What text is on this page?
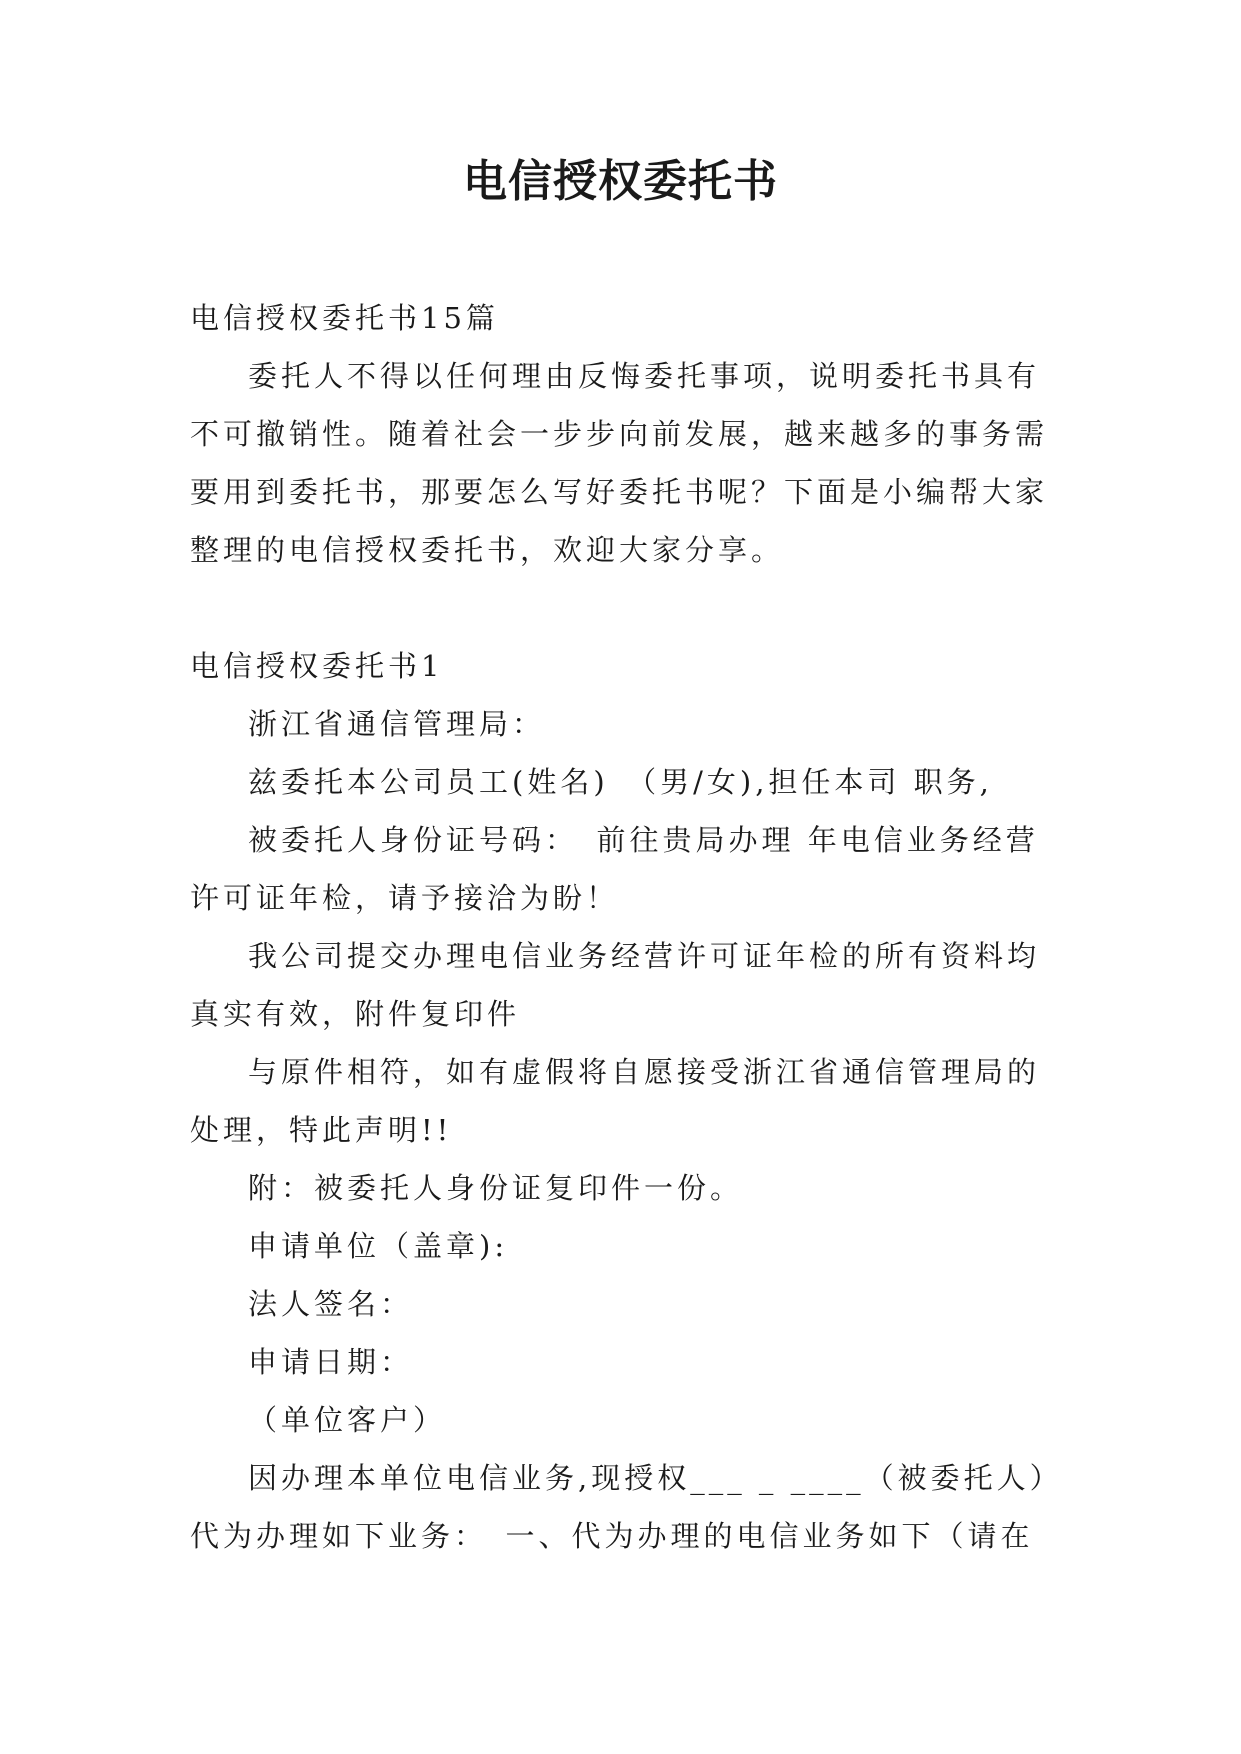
电信授权委托书

电信授权委托书15篇

委托人不得以任何理由反悔委托事项，说明委托书具有不可撤销性。随着社会一步步向前发展，越来越多的事务需要用到委托书，那要怎么写好委托书呢？下面是小编帮大家整理的电信授权委托书，欢迎大家分享。

电信授权委托书1

浙江省通信管理局：

兹委托本公司员工(姓名)　（男/女),担任本司 职务,

被委托人身份证号码：　前往贵局办理 年电信业务经营许可证年检，请予接洽为盼！

我公司提交办理电信业务经营许可证年检的所有资料均真实有效，附件复印件

与原件相符，如有虚假将自愿接受浙江省通信管理局的处理，特此声明!!

附：被委托人身份证复印件一份。

申请单位（盖章):

法人签名：

申请日期：

（单位客户）

因办理本单位电信业务,现授权___ _ ____（被委托人）代为办理如下业务：　一、代为办理的电信业务如下（请在
